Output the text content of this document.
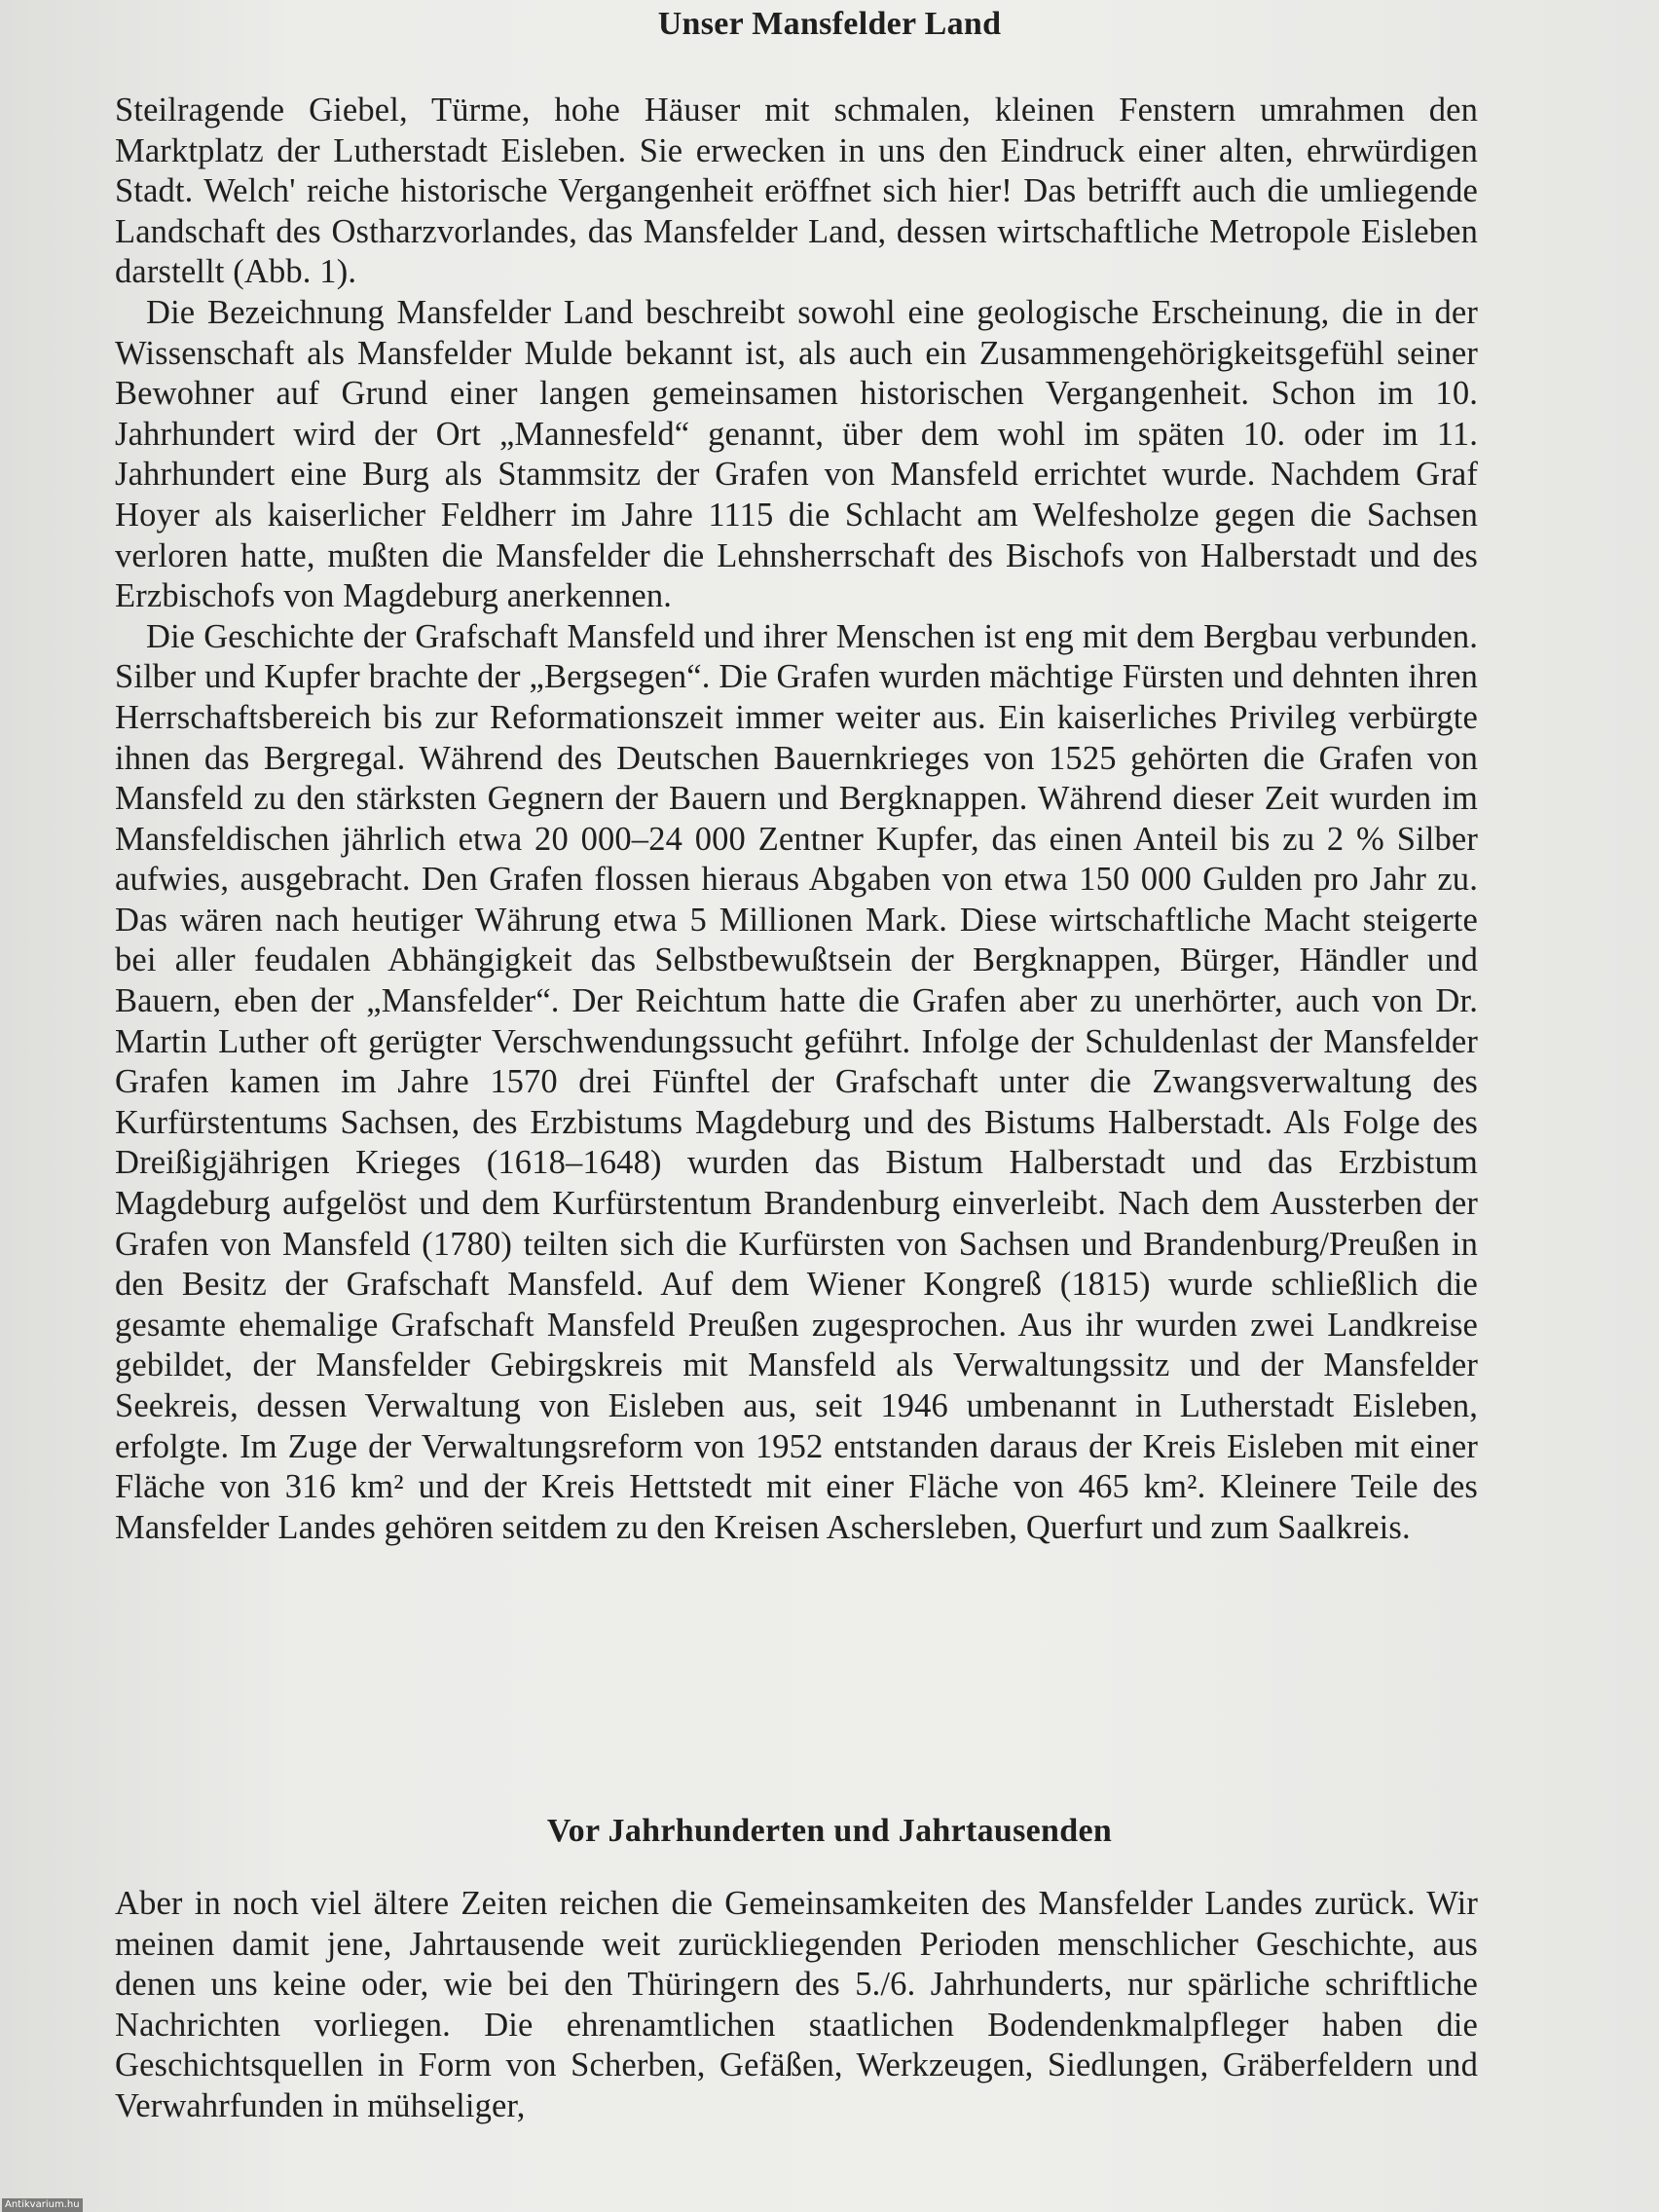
Unser Mansfelder Land

Steilragende Giebel, Türme, hohe Häuser mit schmalen, kleinen Fenstern umrahmen den Marktplatz der Lutherstadt Eisleben. Sie erwecken in uns den Eindruck einer alten, ehrwürdigen Stadt. Welch' reiche historische Vergangenheit eröffnet sich hier! Das betrifft auch die umliegende Landschaft des Ostharzvorlandes, das Mansfelder Land, dessen wirtschaftliche Metropole Eisleben darstellt (Abb. 1).

Die Bezeichnung Mansfelder Land beschreibt sowohl eine geologische Erscheinung, die in der Wissenschaft als Mansfelder Mulde bekannt ist, als auch ein Zusammengehörigkeitsgefühl seiner Bewohner auf Grund einer langen gemeinsamen historischen Vergangenheit. Schon im 10. Jahrhundert wird der Ort „Mannesfeld“ genannt, über dem wohl im späten 10. oder im 11. Jahrhundert eine Burg als Stammsitz der Grafen von Mansfeld errichtet wurde. Nachdem Graf Hoyer als kaiserlicher Feldherr im Jahre 1115 die Schlacht am Welfesholze gegen die Sachsen verloren hatte, mußten die Mansfelder die Lehnsherrschaft des Bischofs von Halberstadt und des Erzbischofs von Magdeburg anerkennen.

Die Geschichte der Grafschaft Mansfeld und ihrer Menschen ist eng mit dem Bergbau verbunden. Silber und Kupfer brachte der „Bergsegen“. Die Grafen wurden mächtige Fürsten und dehnten ihren Herrschaftsbereich bis zur Reformationszeit immer weiter aus. Ein kaiserliches Privileg verbürgte ihnen das Bergregal. Während des Deutschen Bauernkrieges von 1525 gehörten die Grafen von Mansfeld zu den stärksten Gegnern der Bauern und Bergknappen. Während dieser Zeit wurden im Mansfeldischen jährlich etwa 20 000–24 000 Zentner Kupfer, das einen Anteil bis zu 2 % Silber aufwies, ausgebracht. Den Grafen flossen hieraus Abgaben von etwa 150 000 Gulden pro Jahr zu. Das wären nach heutiger Währung etwa 5 Millionen Mark. Diese wirtschaftliche Macht steigerte bei aller feudalen Abhängigkeit das Selbstbewußtsein der Bergknappen, Bürger, Händler und Bauern, eben der „Mansfelder“. Der Reichtum hatte die Grafen aber zu unerhörter, auch von Dr. Martin Luther oft gerügter Verschwendungssucht geführt. Infolge der Schuldenlast der Mansfelder Grafen kamen im Jahre 1570 drei Fünftel der Grafschaft unter die Zwangsverwaltung des Kurfürstentums Sachsen, des Erzbistums Magdeburg und des Bistums Halberstadt. Als Folge des Dreißigjährigen Krieges (1618–1648) wurden das Bistum Halberstadt und das Erzbistum Magdeburg aufgelöst und dem Kurfürstentum Brandenburg einverleibt. Nach dem Aussterben der Grafen von Mansfeld (1780) teilten sich die Kurfürsten von Sachsen und Brandenburg/Preußen in den Besitz der Grafschaft Mansfeld. Auf dem Wiener Kongreß (1815) wurde schließlich die gesamte ehemalige Grafschaft Mansfeld Preußen zugesprochen. Aus ihr wurden zwei Landkreise gebildet, der Mansfelder Gebirgskreis mit Mansfeld als Verwaltungssitz und der Mansfelder Seekreis, dessen Verwaltung von Eisleben aus, seit 1946 umbenannt in Lutherstadt Eisleben, erfolgte. Im Zuge der Verwaltungsreform von 1952 entstanden daraus der Kreis Eisleben mit einer Fläche von 316 km² und der Kreis Hettstedt mit einer Fläche von 465 km². Kleinere Teile des Mansfelder Landes gehören seitdem zu den Kreisen Aschersleben, Querfurt und zum Saalkreis.

Vor Jahrhunderten und Jahrtausenden

Aber in noch viel ältere Zeiten reichen die Gemeinsamkeiten des Mansfelder Landes zurück. Wir meinen damit jene, Jahrtausende weit zurückliegenden Perioden menschlicher Geschichte, aus denen uns keine oder, wie bei den Thüringern des 5./6. Jahrhunderts, nur spärliche schriftliche Nachrichten vorliegen. Die ehrenamtlichen staatlichen Bodendenkmalpfleger haben die Geschichtsquellen in Form von Scherben, Gefäßen, Werkzeugen, Siedlungen, Gräberfeldern und Verwahrfunden in mühseliger,

Antikvarium.hu
